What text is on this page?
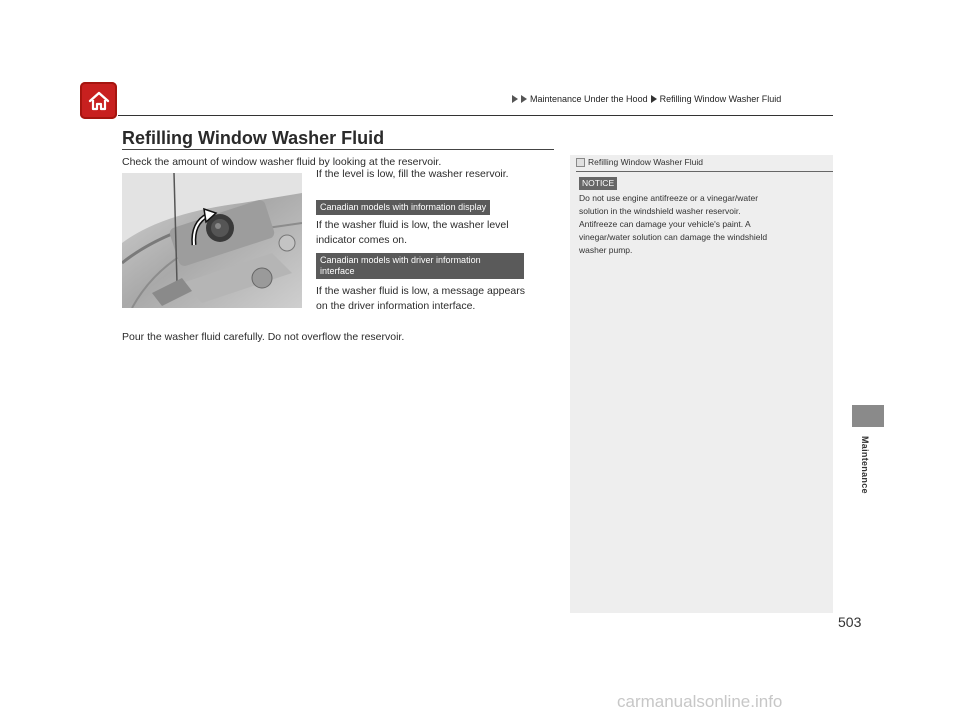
Maintenance Under the Hood Refilling Window Washer Fluid
Refilling Window Washer Fluid
Check the amount of window washer fluid by looking at the reservoir.
If the level is low, fill the washer reservoir.
Canadian models with information display
If the washer fluid is low, the washer level
indicator comes on.
Canadian models with driver information
interface
If the washer fluid is low, a message appears
on the driver information interface.
Pour the washer fluid carefully. Do not overflow the reservoir.
Refilling Window Washer Fluid
NOTICE
Do not use engine antifreeze or a vinegar/water
solution in the windshield washer reservoir.
Antifreeze can damage your vehicle's paint. A
vinegar/water solution can damage the windshield
washer pump.
Maintenance
503
carmanualsonline.info
